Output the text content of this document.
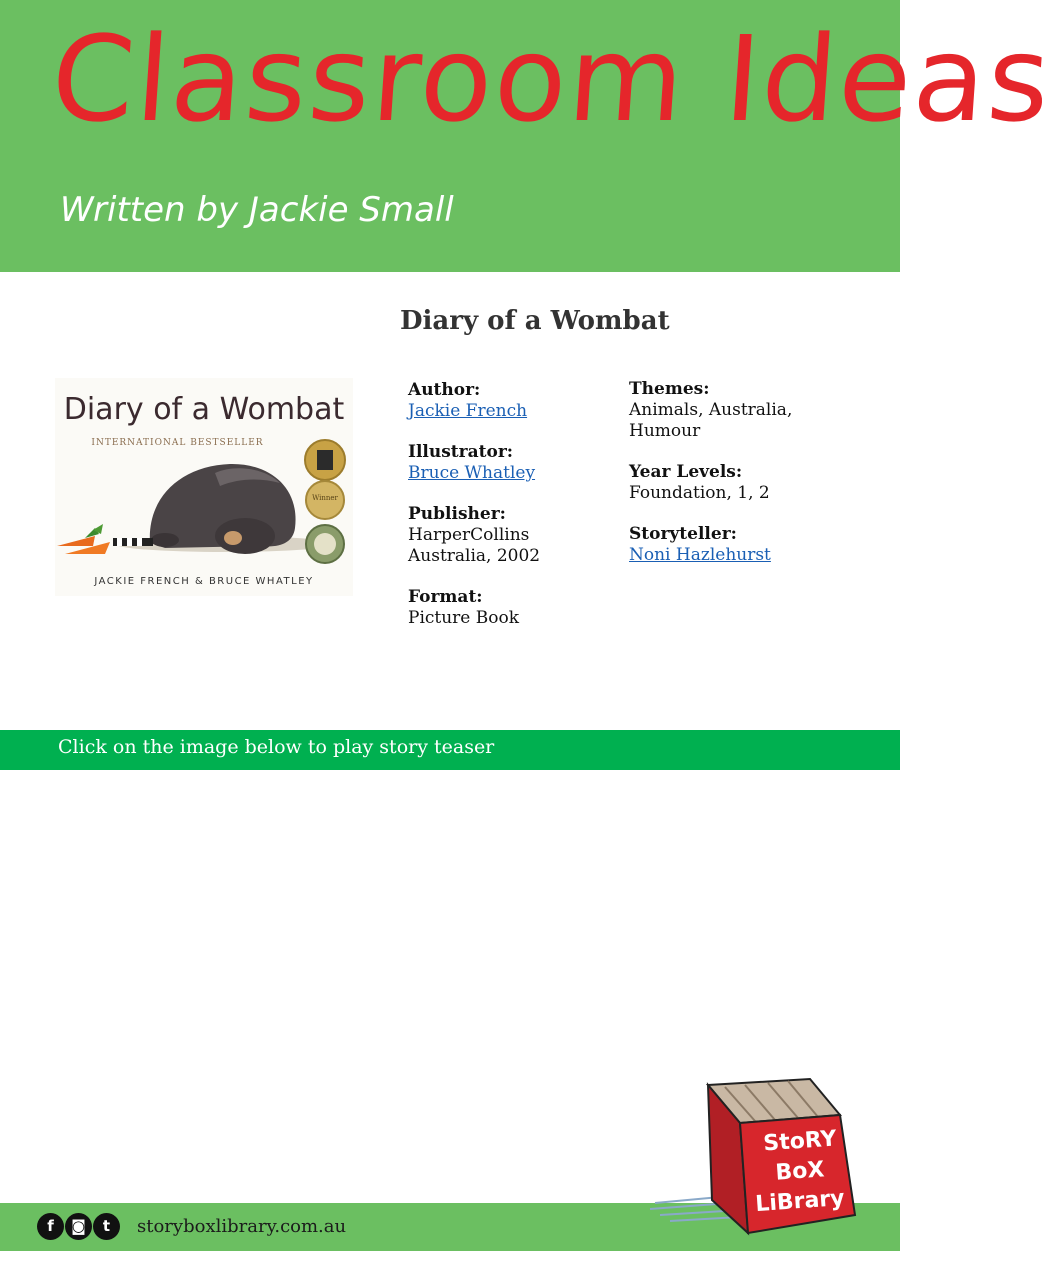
Classroom Ideas
Written by Jackie Small
Diary of a Wombat
Diary of a Wombat
INTERNATIONAL BESTSELLER
Winner
JACKIE FRENCH & BRUCE WHATLEY
Author:
Jackie French
Illustrator:
Bruce Whatley
Publisher:
HarperCollins
Australia, 2002
Format:
Picture Book
Themes:
Animals, Australia,
Humour
Year Levels:
Foundation, 1, 2
Storyteller:
Noni Hazlehurst
Click on the image below to play story teaser
f	◙	t	storyboxlibrary.com.au
StoRY
BoX
LiBrary
